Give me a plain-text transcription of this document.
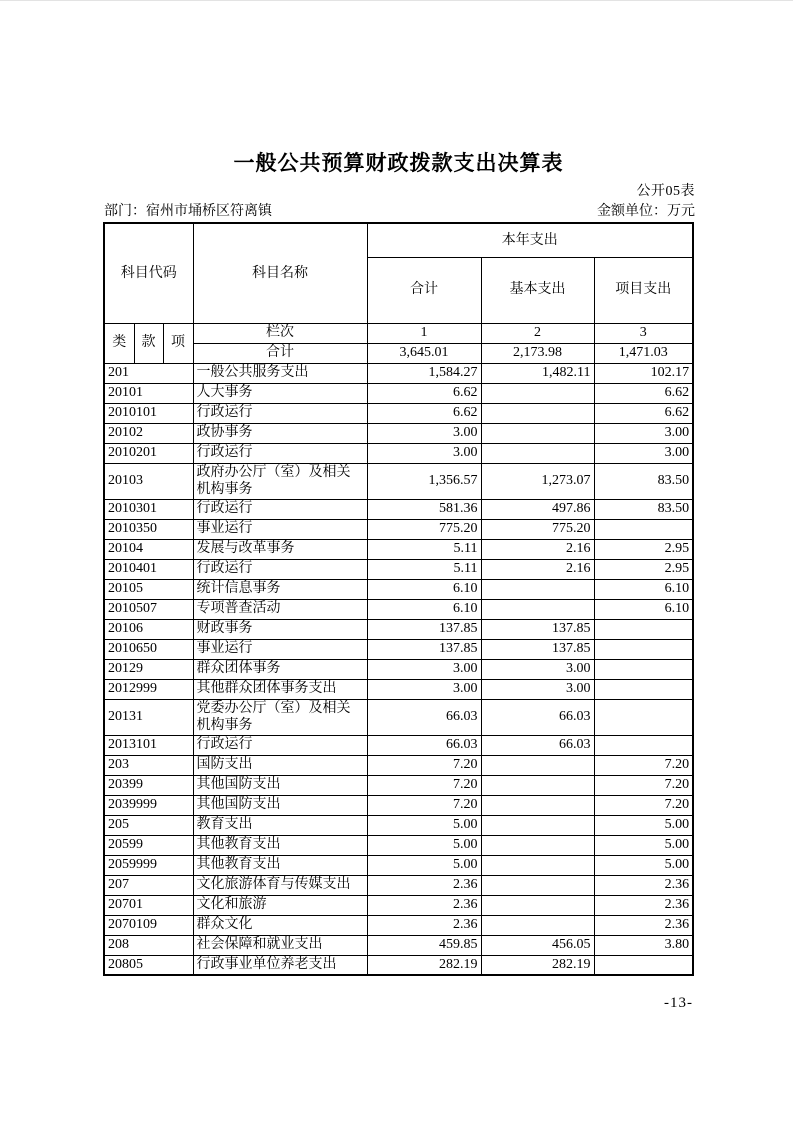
一般公共预算财政拨款支出决算表
公开05表
部门：宿州市埇桥区符离镇	金额单位：万元
科目代码			科目名称	本年支出		
				合计	基本支出	项目支出
类	款	项	栏次	1	2	3
			合计	3,645.01	2,173.98	1,471.03
201			一般公共服务支出	1,584.27	1,482.11	102.17
20101			人大事务	6.62		6.62
2010101			行政运行	6.62		6.62
20102			政协事务	3.00		3.00
2010201			行政运行	3.00		3.00
20103			政府办公厅（室）及相关机构事务	1,356.57	1,273.07	83.50
2010301			行政运行	581.36	497.86	83.50
2010350			事业运行	775.20	775.20	
20104			发展与改革事务	5.11	2.16	2.95
2010401			行政运行	5.11	2.16	2.95
20105			统计信息事务	6.10		6.10
2010507			专项普查活动	6.10		6.10
20106			财政事务	137.85	137.85	
2010650			事业运行	137.85	137.85	
20129			群众团体事务	3.00	3.00	
2012999			其他群众团体事务支出	3.00	3.00	
20131			党委办公厅（室）及相关机构事务	66.03	66.03	
2013101			行政运行	66.03	66.03	
203			国防支出	7.20		7.20
20399			其他国防支出	7.20		7.20
2039999			其他国防支出	7.20		7.20
205			教育支出	5.00		5.00
20599			其他教育支出	5.00		5.00
2059999			其他教育支出	5.00		5.00
207			文化旅游体育与传媒支出	2.36		2.36
20701			文化和旅游	2.36		2.36
2070109			群众文化	2.36		2.36
208			社会保障和就业支出	459.85	456.05	3.80
20805			行政事业单位养老支出	282.19	282.19	
-13-
